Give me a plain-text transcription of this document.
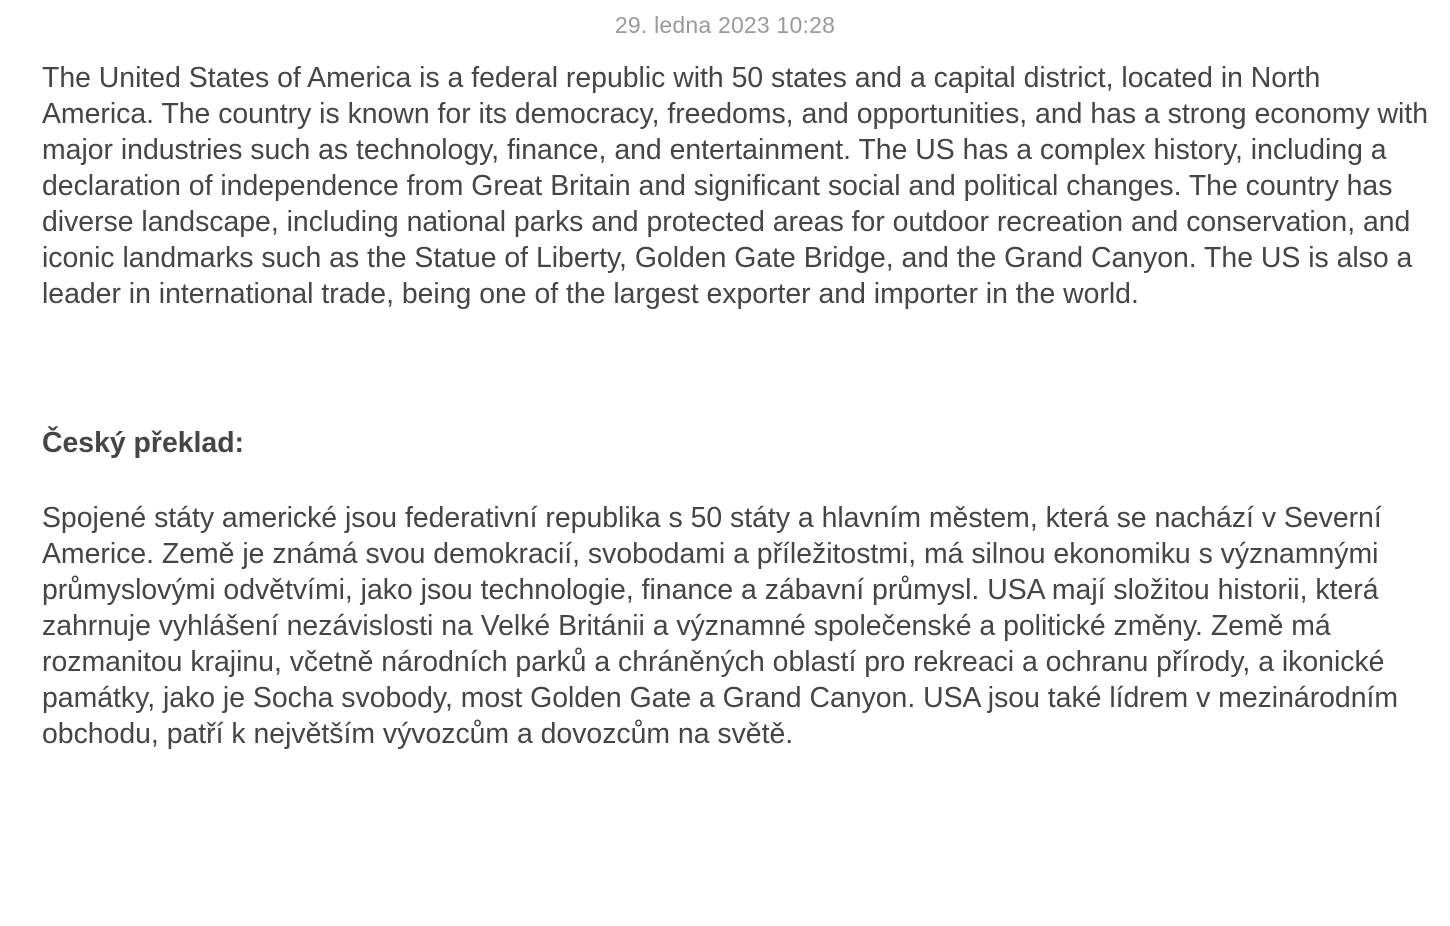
29. ledna 2023 10:28

The United States of America is a federal republic with 50 states and a capital district, located in North America. The country is known for its democracy, freedoms, and opportunities, and has a strong economy with major industries such as technology, finance, and entertainment. The US has a complex history, including a declaration of independence from Great Britain and significant social and political changes. The country has diverse landscape, including national parks and protected areas for outdoor recreation and conservation, and iconic landmarks such as the Statue of Liberty, Golden Gate Bridge, and the Grand Canyon. The US is also a leader in international trade, being one of the largest exporter and importer in the world.

Český překlad:

Spojené státy americké jsou federativní republika s 50 státy a hlavním městem, která se nachází v Severní Americe. Země je známá svou demokracií, svobodami a příležitostmi, má silnou ekonomiku s významnými průmyslovými odvětvími, jako jsou technologie, finance a zábavní průmysl. USA mají složitou historii, která zahrnuje vyhlášení nezávislosti na Velké Británii a významné společenské a politické změny. Země má rozmanitou krajinu, včetně národních parků a chráněných oblastí pro rekreaci a ochranu přírody, a ikonické památky, jako je Socha svobody, most Golden Gate a Grand Canyon. USA jsou také lídrem v mezinárodním obchodu, patří k největším vývozcům a dovozcům na světě.
